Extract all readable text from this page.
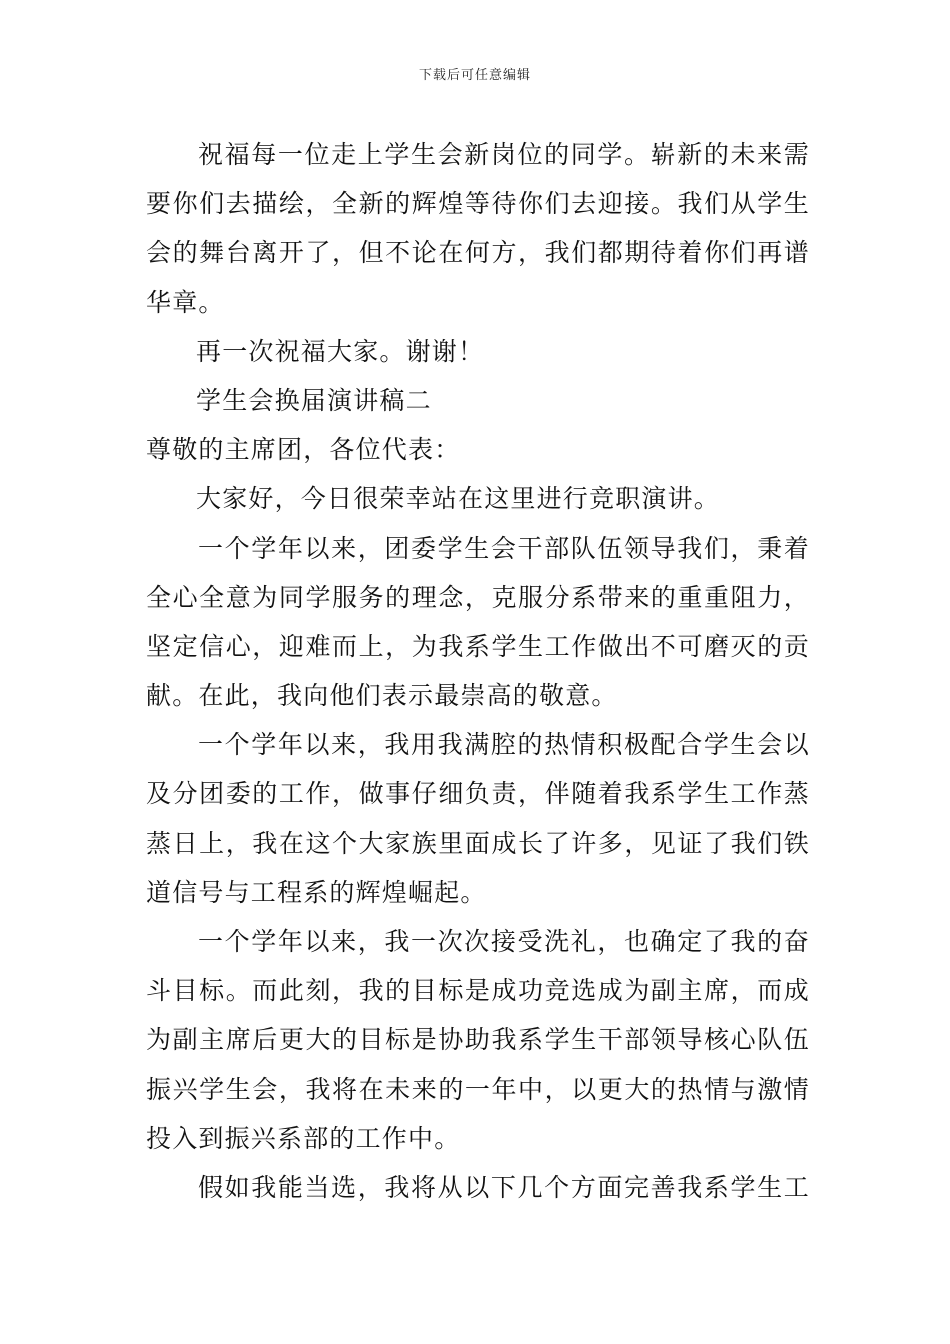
下载后可任意编辑
祝福每一位走上学生会新岗位的同学。崭新的未来需
要你们去描绘，全新的辉煌等待你们去迎接。我们从学生
会的舞台离开了，但不论在何方，我们都期待着你们再谱
华章。
再一次祝福大家。谢谢！
学生会换届演讲稿二
尊敬的主席团，各位代表：
大家好，今日很荣幸站在这里进行竞职演讲。
一个学年以来，团委学生会干部队伍领导我们，秉着
全心全意为同学服务的理念，克服分系带来的重重阻力，
坚定信心，迎难而上，为我系学生工作做出不可磨灭的贡
献。在此，我向他们表示最崇高的敬意。
一个学年以来，我用我满腔的热情积极配合学生会以
及分团委的工作，做事仔细负责，伴随着我系学生工作蒸
蒸日上，我在这个大家族里面成长了许多，见证了我们铁
道信号与工程系的辉煌崛起。
一个学年以来，我一次次接受洗礼，也确定了我的奋
斗目标。而此刻，我的目标是成功竞选成为副主席，而成
为副主席后更大的目标是协助我系学生干部领导核心队伍
振兴学生会，我将在未来的一年中，以更大的热情与激情
投入到振兴系部的工作中。
假如我能当选，我将从以下几个方面完善我系学生工
